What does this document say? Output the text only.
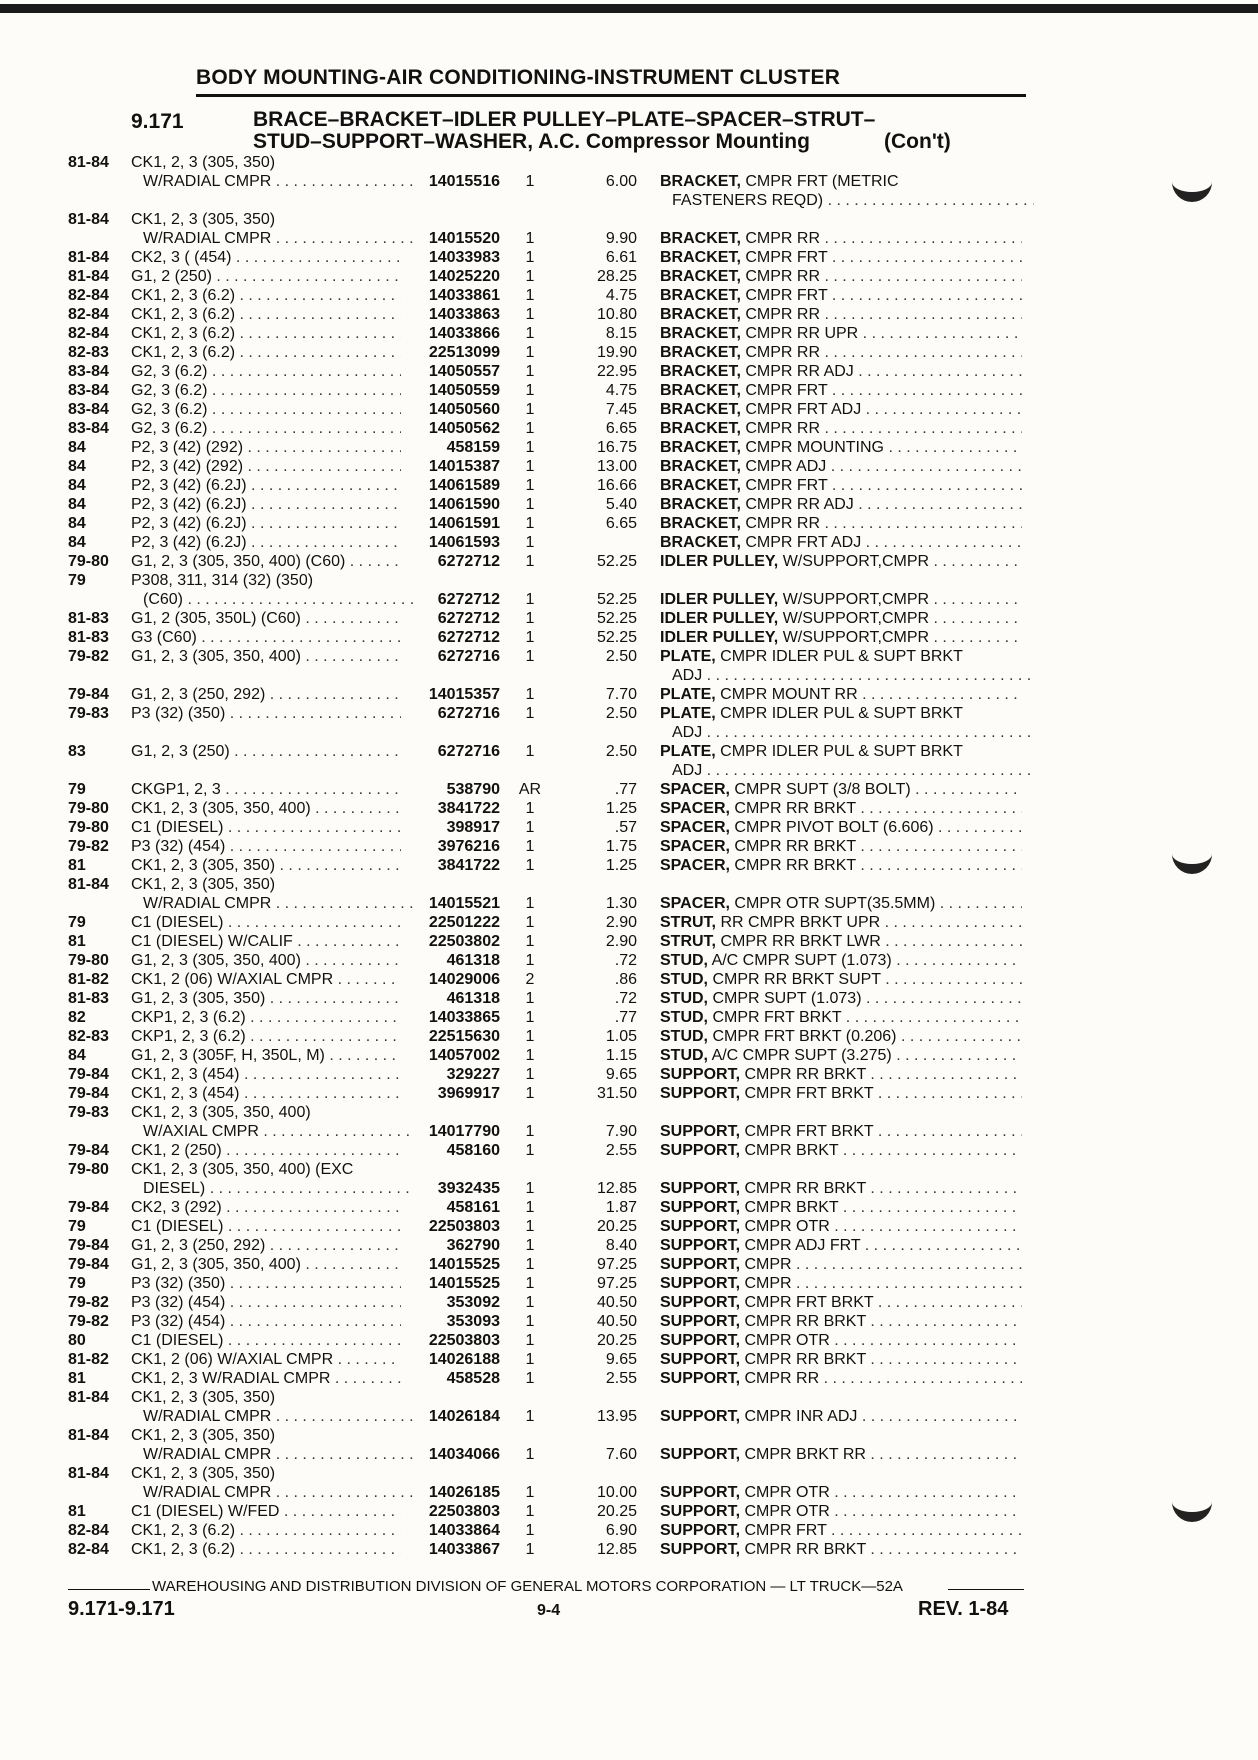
BODY MOUNTING-AIR CONDITIONING-INSTRUMENT CLUSTER
9.171	BRACE–BRACKET–IDLER PULLEY–PLATE–SPACER–STRUT–
STUD–SUPPORT–WASHER, A.C. Compressor Mounting	(Con't)
81-84 CK1, 2, 3 (305, 350)
W/RADIAL CMPR . . .	14015516	1	6.00 BRACKET, CMPR FRT (METRIC
FASTENERS REQD) . . .
81-84 CK1, 2, 3 (305, 350)
W/RADIAL CMPR . . .	14015520	1	9.90 BRACKET, CMPR RR . . .
81-84 CK2, 3 ( (454) . . .	14033983	1	6.61 BRACKET, CMPR FRT . . .
81-84 G1, 2 (250) . . .	14025220	1	28.25 BRACKET, CMPR RR . . .
82-84 CK1, 2, 3 (6.2) . . .	14033861	1	4.75 BRACKET, CMPR FRT . . .
82-84 CK1, 2, 3 (6.2) . . .	14033863	1	10.80 BRACKET, CMPR RR . . .
82-84 CK1, 2, 3 (6.2) . . .	14033866	1	8.15 BRACKET, CMPR RR UPR . . .
82-83 CK1, 2, 3 (6.2) . . .	22513099	1	19.90 BRACKET, CMPR RR . . .
83-84 G2, 3 (6.2) . . .	14050557	1	22.95 BRACKET, CMPR RR ADJ . . .
83-84 G2, 3 (6.2) . . .	14050559	1	4.75 BRACKET, CMPR FRT . . .
83-84 G2, 3 (6.2) . . .	14050560	1	7.45 BRACKET, CMPR FRT ADJ . . .
83-84 G2, 3 (6.2) . . .	14050562	1	6.65 BRACKET, CMPR RR . . .
84	P2, 3 (42) (292) . . .	458159	1	16.75 BRACKET, CMPR MOUNTING . . .
84	P2, 3 (42) (292) . . .	14015387	1	13.00 BRACKET, CMPR ADJ . . .
84	P2, 3 (42) (6.2J) . . .	14061589	1	16.66 BRACKET, CMPR FRT . . .
84	P2, 3 (42) (6.2J) . . .	14061590	1	5.40 BRACKET, CMPR RR ADJ . . .
84	P2, 3 (42) (6.2J) . . .	14061591	1	6.65 BRACKET, CMPR RR . . .
84	P2, 3 (42) (6.2J) . . .	14061593	1	BRACKET, CMPR FRT ADJ . . .
79-80 G1, 2, 3 (305, 350, 400) (C60) . . .	6272712	1	52.25 IDLER PULLEY, W/SUPPORT,CMPR . . .
79	P308, 311, 314 (32) (350)
(C60) . . .	6272712	1	52.25 IDLER PULLEY, W/SUPPORT,CMPR . . .
81-83 G1, 2 (305, 350L) (C60) . . .	6272712	1	52.25 IDLER PULLEY, W/SUPPORT,CMPR . . .
81-83 G3 (C60) . . .	6272712	1	52.25 IDLER PULLEY, W/SUPPORT,CMPR . . .
79-82 G1, 2, 3 (305, 350, 400) . . .	6272716	1	2.50 PLATE, CMPR IDLER PUL & SUPT BRKT
ADJ . . .
79-84 G1, 2, 3 (250, 292) . . .	14015357	1	7.70 PLATE, CMPR MOUNT RR . . .
79-83 P3 (32) (350) . . .	6272716	1	2.50 PLATE, CMPR IDLER PUL & SUPT BRKT
ADJ . . .
83	G1, 2, 3 (250) . . .	6272716	1	2.50 PLATE, CMPR IDLER PUL & SUPT BRKT
ADJ . . .
79	CKGP1, 2, 3 . . .	538790	AR	.77 SPACER, CMPR SUPT (3/8 BOLT) . . .
79-80 CK1, 2, 3 (305, 350, 400) . . .	3841722	1	1.25 SPACER, CMPR RR BRKT . . .
79-80 C1 (DIESEL) . . .	398917	1	.57 SPACER, CMPR PIVOT BOLT (6.606) . . .
79-82 P3 (32) (454) . . .	3976216	1	1.75 SPACER, CMPR RR BRKT . . .
81	CK1, 2, 3 (305, 350) . . .	3841722	1	1.25 SPACER, CMPR RR BRKT . . .
81-84 CK1, 2, 3 (305, 350)
W/RADIAL CMPR . . .	14015521	1	1.30 SPACER, CMPR OTR SUPT(35.5MM) . . .
79	C1 (DIESEL) . . .	22501222	1	2.90 STRUT, RR CMPR BRKT UPR . . .
81	C1 (DIESEL) W/CALIF . . .	22503802	1	2.90 STRUT, CMPR RR BRKT LWR . . .
79-80 G1, 2, 3 (305, 350, 400) . . .	461318	1	.72 STUD, A/C CMPR SUPT (1.073) . . .
81-82 CK1, 2 (06) W/AXIAL CMPR . . .	14029006	2	.86 STUD, CMPR RR BRKT SUPT . . .
81-83 G1, 2, 3 (305, 350) . . .	461318	1	.72 STUD, CMPR SUPT (1.073) . . .
82	CKP1, 2, 3 (6.2) . . .	14033865	1	.77 STUD, CMPR FRT BRKT . . .
82-83 CKP1, 2, 3 (6.2) . . .	22515630	1	1.05 STUD, CMPR FRT BRKT (0.206) . . .
84	G1, 2, 3 (305F, H, 350L, M) . . .	14057002	1	1.15 STUD, A/C CMPR SUPT (3.275) . . .
79-84 CK1, 2, 3 (454) . . .	329227	1	9.65 SUPPORT, CMPR RR BRKT . . .
79-84 CK1, 2, 3 (454) . . .	3969917	1	31.50 SUPPORT, CMPR FRT BRKT . . .
79-83 CK1, 2, 3 (305, 350, 400)
W/AXIAL CMPR . . .	14017790	1	7.90 SUPPORT, CMPR FRT BRKT . . .
79-84 CK1, 2 (250) . . .	458160	1	2.55 SUPPORT, CMPR BRKT . . .
79-80 CK1, 2, 3 (305, 350, 400) (EXC
DIESEL) . . .	3932435	1	12.85 SUPPORT, CMPR RR BRKT . . .
79-84 CK2, 3 (292) . . .	458161	1	1.87 SUPPORT, CMPR BRKT . . .
79	C1 (DIESEL) . . .	22503803	1	20.25 SUPPORT, CMPR OTR . . .
79-84 G1, 2, 3 (250, 292) . . .	362790	1	8.40 SUPPORT, CMPR ADJ FRT . . .
79-84 G1, 2, 3 (305, 350, 400) . . .	14015525	1	97.25 SUPPORT, CMPR . . .
79	P3 (32) (350) . . .	14015525	1	97.25 SUPPORT, CMPR . . .
79-82 P3 (32) (454) . . .	353092	1	40.50 SUPPORT, CMPR FRT BRKT . . .
79-82 P3 (32) (454) . . .	353093	1	40.50 SUPPORT, CMPR RR BRKT . . .
80	C1 (DIESEL) . . .	22503803	1	20.25 SUPPORT, CMPR OTR . . .
81-82 CK1, 2 (06) W/AXIAL CMPR . . .	14026188	1	9.65 SUPPORT, CMPR RR BRKT . . .
81	CK1, 2, 3 W/RADIAL CMPR . . .	458528	1	2.55 SUPPORT, CMPR RR . . .
81-84 CK1, 2, 3 (305, 350)
W/RADIAL CMPR . . .	14026184	1	13.95 SUPPORT, CMPR INR ADJ . . .
81-84 CK1, 2, 3 (305, 350)
W/RADIAL CMPR . . .	14034066	1	7.60 SUPPORT, CMPR BRKT RR . . .
81-84 CK1, 2, 3 (305, 350)
W/RADIAL CMPR . . .	14026185	1	10.00 SUPPORT, CMPR OTR . . .
81	C1 (DIESEL) W/FED . . .	22503803	1	20.25 SUPPORT, CMPR OTR . . .
82-84 CK1, 2, 3 (6.2) . . .	14033864	1	6.90 SUPPORT, CMPR FRT . . .
82-84 CK1, 2, 3 (6.2) . . .	14033867	1	12.85 SUPPORT, CMPR RR BRKT . . .
WAREHOUSING AND DISTRIBUTION DIVISION OF GENERAL MOTORS CORPORATION — LT TRUCK—52A
9.171-9.171	9-4	REV. 1-84
